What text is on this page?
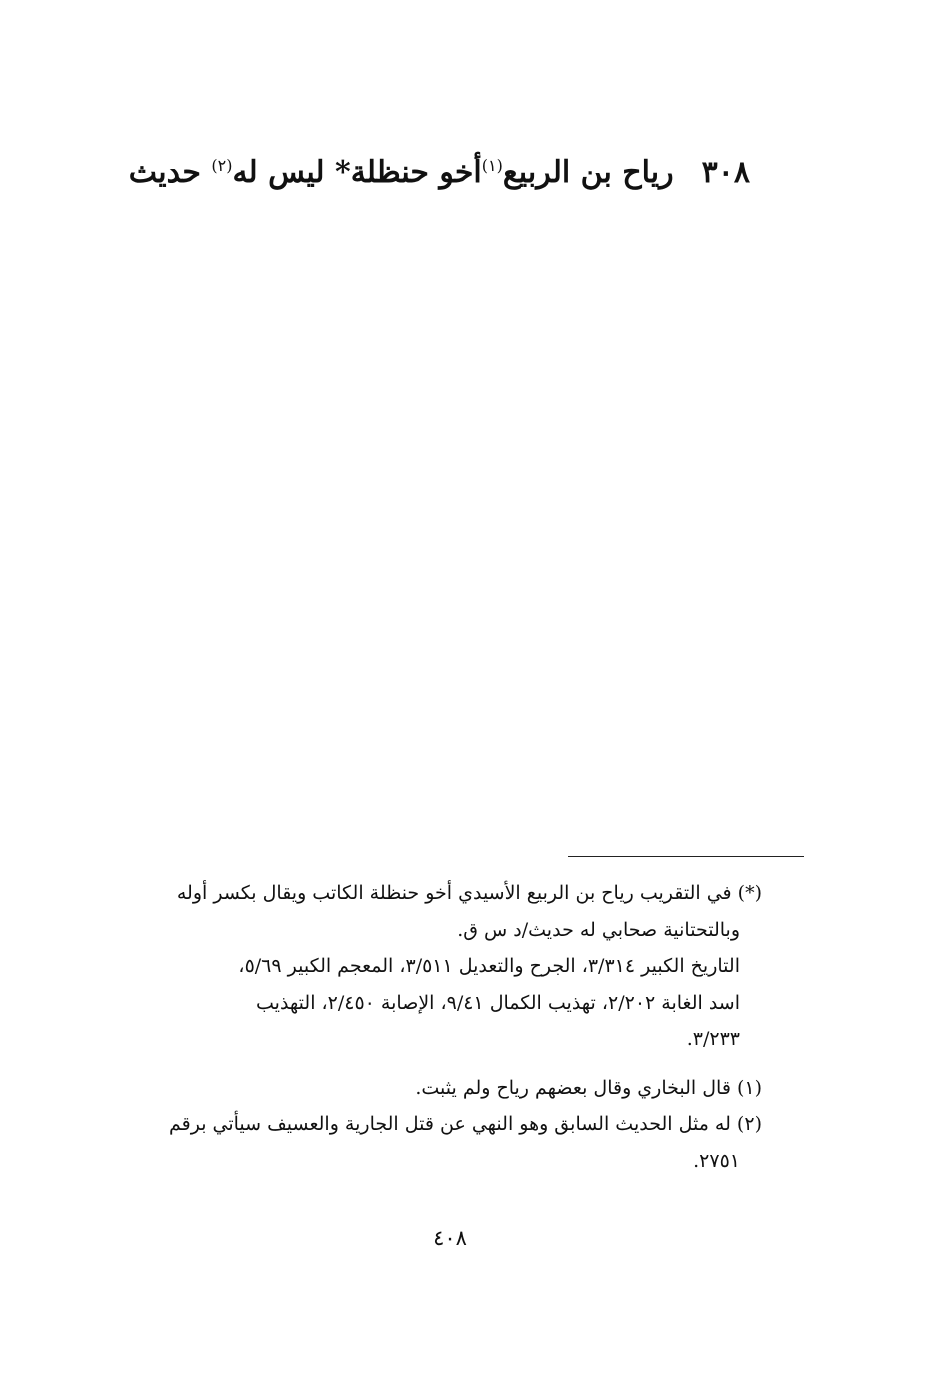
٣٠٨رياح بن الربيع$^{(١)}$أخو حنظلة* ليس له$^{(٢)}$ حديث

(*) في التقريب رياح بن الربيع الأسيدي أخو حنظلة الكاتب ويقال بكسر أوله

وبالتحتانية صحابي له حديث/د س ق.

التاريخ الكبير ٣/٣١٤، الجرح والتعديل ٣/٥١١، المعجم الكبير ٥/٦٩،

اسد الغابة ٢/٢٠٢، تهذيب الكمال ٩/٤١، الإصابة ٢/٤٥٠، التهذيب

٣/٢٣٣.

(١) قال البخاري وقال بعضهم رياح ولم يثبت.

(٢) له مثل الحديث السابق وهو النهي عن قتل الجارية والعسيف سيأتي برقم

٢٧٥١.

٤٠٨
